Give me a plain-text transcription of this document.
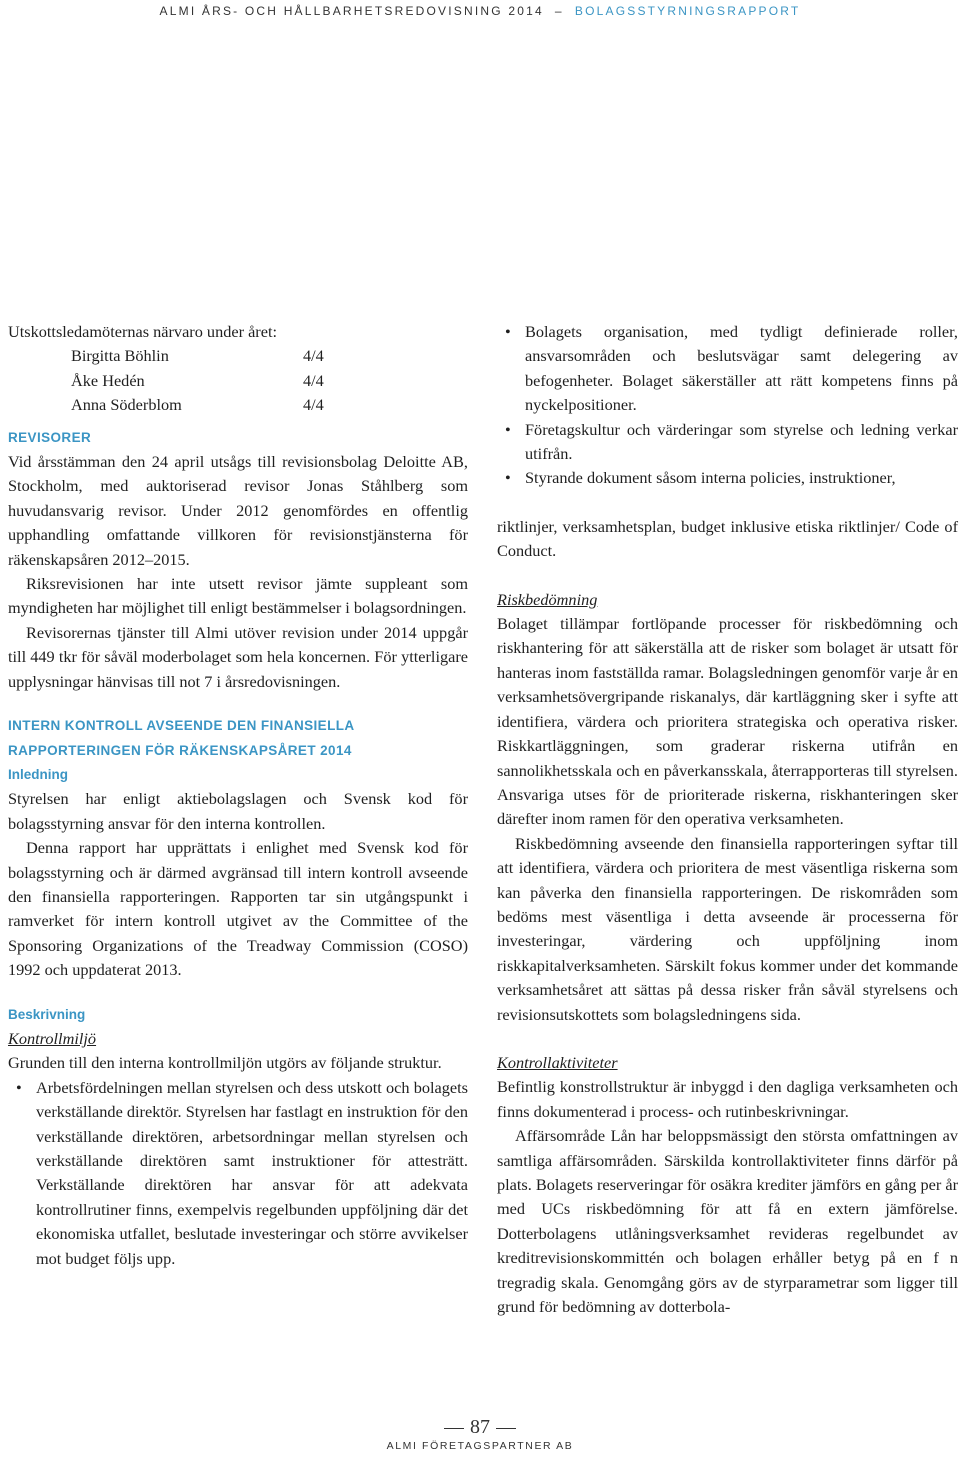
ALMI ÅRS- OCH HÅLLBARHETSREDOVISNING 2014  –  BOLAGSSTYRNINGSRAPPORT

Utskottsledamöternas närvaro under året:

Birgitta Böhlin	4/4
Åke Hedén	4/4
Anna Söderblom	4/4
REVISORER

Vid årsstämman den 24 april utsågs till revisionsbolag Deloitte AB, Stockholm, med auktoriserad revisor Jonas Ståhlberg som huvudansvarig revisor. Under 2012 genomfördes en offentlig upphandling omfattande villkoren för revisionstjänsterna för räkenskapsåren 2012–2015.

Riksrevisionen har inte utsett revisor jämte suppleant som myndigheten har möjlighet till enligt bestämmelser i bolagsordningen.

Revisorernas tjänster till Almi utöver revision under 2014 uppgår till 449 tkr för såväl moderbolaget som hela koncernen. För ytterligare upplysningar hänvisas till not 7 i årsredovisningen.

INTERN KONTROLL AVSEENDE DEN FINANSIELLA
RAPPORTERINGEN FÖR RÄKENSKAPSÅRET 2014
Inledning

Styrelsen har enligt aktiebolagslagen och Svensk kod för bolagsstyrning ansvar för den interna kontrollen.

Denna rapport har upprättats i enlighet med Svensk kod för bolagsstyrning och är därmed avgränsad till intern kontroll avseende den finansiella rapporteringen. Rapporten tar sin utgångspunkt i ramverket för intern kontroll utgivet av the Committee of the Sponsoring Organizations of the Treadway Commission (COSO) 1992 och uppdaterat 2013.

Beskrivning
Kontrollmiljö

Grunden till den interna kontrollmiljön utgörs av följande struktur.

• Arbetsfördelningen mellan styrelsen och dess utskott och bolagets verkställande direktör. Styrelsen har fastlagt en instruktion för den verkställande direktören, arbetsordningar mellan styrelsen och verkställande direktören samt instruktioner för attesträtt. Verkställande direktören har ansvar för att adekvata kontrollrutiner finns, exempelvis regelbunden uppföljning där det ekonomiska utfallet, beslutade investeringar och större avvikelser mot budget följs upp.
• Bolagets organisation, med tydligt definierade roller, ansvarsområden och beslutsvägar samt delegering av befogenheter. Bolaget säkerställer att rätt kompetens finns på nyckelpositioner.
• Företagskultur och värderingar som styrelse och ledning verkar utifrån.
• Styrande dokument såsom interna policies, instruktioner,

riktlinjer, verksamhetsplan, budget inklusive etiska riktlinjer/ Code of Conduct.

Riskbedömning

Bolaget tillämpar fortlöpande processer för riskbedömning och riskhantering för att säkerställa att de risker som bolaget är utsatt för hanteras inom fastställda ramar. Bolagsledningen genomför varje år en verksamhetsövergripande riskanalys, där kartläggning sker i syfte att identifiera, värdera och prioritera strategiska och operativa risker. Riskkartläggningen, som graderar riskerna utifrån en sannolikhetsskala och en påverkansskala, återrapporteras till styrelsen. Ansvariga utses för de prioriterade riskerna, riskhanteringen sker därefter inom ramen för den operativa verksamheten.

Riskbedömning avseende den finansiella rapporteringen syftar till att identifiera, värdera och prioritera de mest väsentliga riskerna som kan påverka den finansiella rapporteringen. De riskområden som bedöms mest väsentliga i detta avseende är processerna för investeringar, värdering och uppföljning inom riskkapitalverksamheten. Särskilt fokus kommer under det kommande verksamhetsåret att sättas på dessa risker från såväl styrelsens och revisionsutskottets som bolagsledningens sida.

Kontrollaktiviteter

Befintlig konstrollstruktur är inbyggd i den dagliga verksamheten och finns dokumenterad i process- och rutinbeskrivningar.

Affärsområde Lån har beloppsmässigt den största omfattningen av samtliga affärsområden. Särskilda kontrollaktiviteter finns därför på plats. Bolagets reserveringar för osäkra krediter jämförs en gång per år med UCs riskbedömning för att få en extern jämförelse. Dotterbolagens utlåningsverksamhet revideras regelbundet av kreditrevisionskommittén och bolagen erhåller betyg på en f n tregradig skala. Genomgång görs av de styrparametrar som ligger till grund för bedömning av dotterbola-

87
ALMI FÖRETAGSPARTNER AB
